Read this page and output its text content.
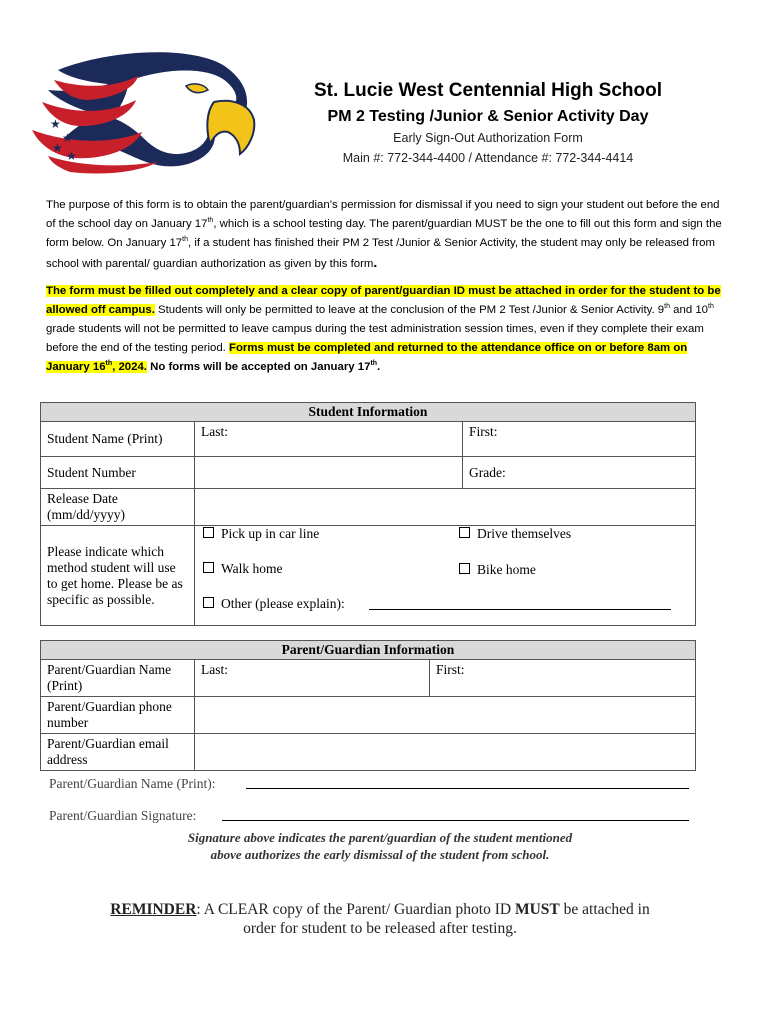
★
★
★
★
St. Lucie West Centennial High School
PM 2 Testing /Junior & Senior Activity Day
Early Sign-Out Authorization Form
Main #: 772-344-4400 / Attendance #: 772-344-4414

The purpose of this form is to obtain the parent/guardian’s permission for dismissal if you need to sign your student out before the end of the school day on January 17th, which is a school testing day. The parent/guardian MUST be the one to fill out this form and sign the form below. On January 17th, if a student has finished their PM 2 Test /Junior & Senior Activity, the student may only be released from school with parental/ guardian authorization as given by this form.

The form must be filled out completely and a clear copy of parent/guardian ID must be attached in order for the student to be allowed off campus. Students will only be permitted to leave at the conclusion of the PM 2 Test /Junior & Senior Activity. 9th and 10th grade students will not be permitted to leave campus during the test administration session times, even if they complete their exam before the end of the testing period. Forms must be completed and returned to the attendance office on or before 8am on January 16th, 2024. No forms will be accepted on January 17th.

Student Information		
Student Name (Print)	Last:	First:
Student Number		Grade:
Release Date (mm/dd/yyyy)		
Please indicate which method student will use to get home. Please be as specific as possible.		
Pick up in car line	Drive themselves
Walk home	Bike home
Other (please explain):
Parent/Guardian Information		
Parent/Guardian Name (Print)	Last:	First:
Parent/Guardian phone number		
Parent/Guardian email address		
Parent/Guardian Name (Print):
Parent/Guardian Signature:
Signature above indicates the parent/guardian of the student mentioned above authorizes the early dismissal of the student from school.
REMINDER: A CLEAR copy of the Parent/ Guardian photo ID MUST be attached in order for student to be released after testing.
